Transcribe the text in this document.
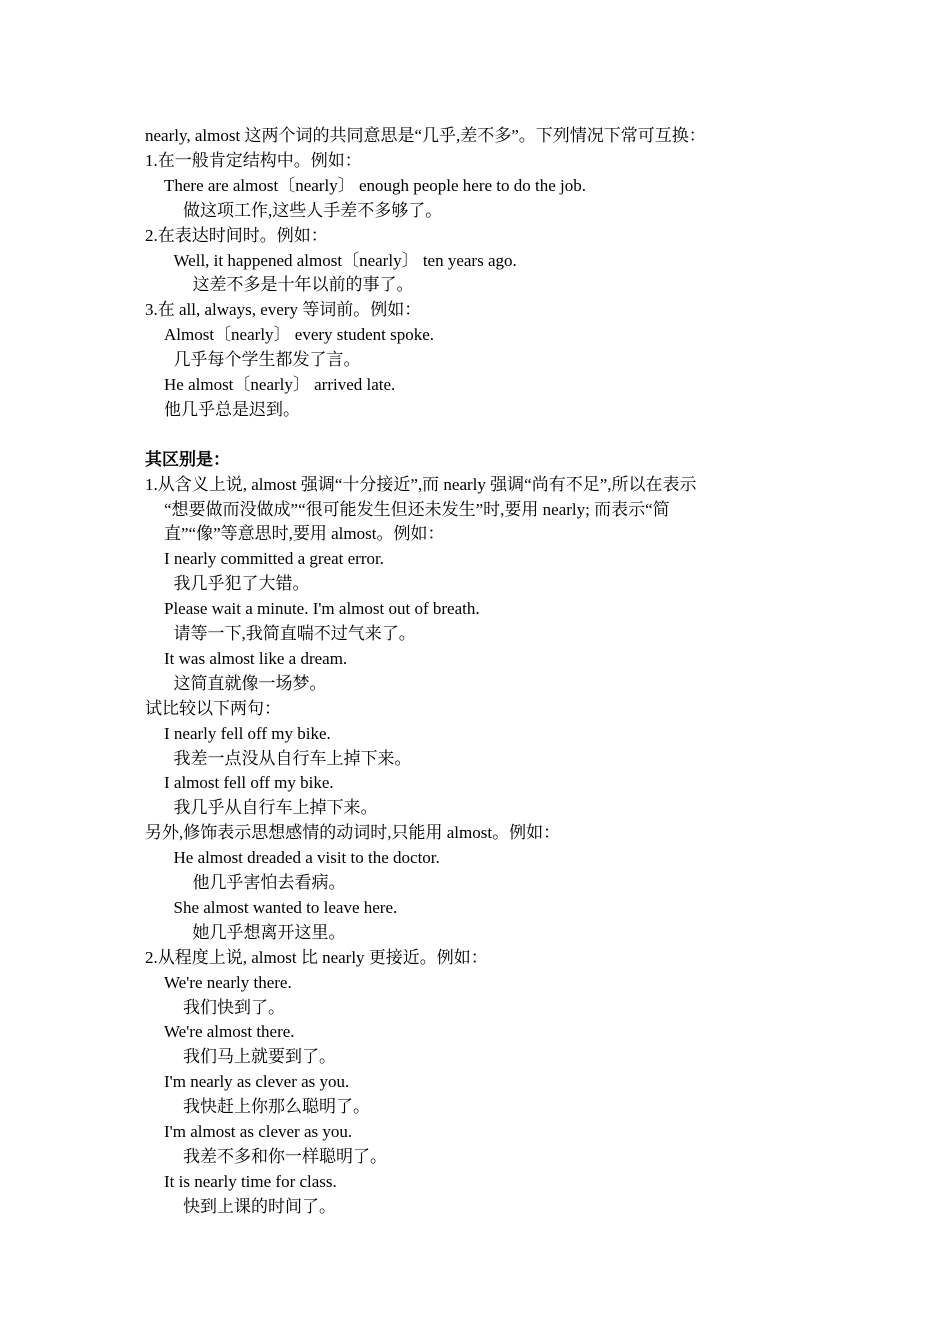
nearly, almost 这两个词的共同意思是“几乎,差不多”。下列情况下常可互换：
1.在一般肯定结构中。例如：
There are almost〔nearly〕 enough people here to do the job.
做这项工作,这些人手差不多够了。
2.在表达时间时。例如：
Well, it happened almost〔nearly〕 ten years ago.
这差不多是十年以前的事了。
3.在 all, always, every 等词前。例如：
Almost〔nearly〕 every student spoke.
几乎每个学生都发了言。
He almost〔nearly〕 arrived late.
他几乎总是迟到。
其区别是：
1.从含义上说, almost 强调“十分接近”,而 nearly 强调“尚有不足”,所以在表示
“想要做而没做成”“很可能发生但还未发生”时,要用 nearly; 而表示“简
直”“像”等意思时,要用 almost。例如：
I nearly committed a great error.
我几乎犯了大错。
Please wait a minute. I'm almost out of breath.
请等一下,我简直喘不过气来了。
It was almost like a dream.
这简直就像一场梦。
试比较以下两句：
I nearly fell off my bike.
我差一点没从自行车上掉下来。
I almost fell off my bike.
我几乎从自行车上掉下来。
另外,修饰表示思想感情的动词时,只能用 almost。例如：
He almost dreaded a visit to the doctor.
他几乎害怕去看病。
She almost wanted to leave here.
她几乎想离开这里。
2.从程度上说, almost 比 nearly 更接近。例如：
We're nearly there.
我们快到了。
We're almost there.
我们马上就要到了。
I'm nearly as clever as you.
我快赶上你那么聪明了。
I'm almost as clever as you.
我差不多和你一样聪明了。
It is nearly time for class.
快到上课的时间了。
